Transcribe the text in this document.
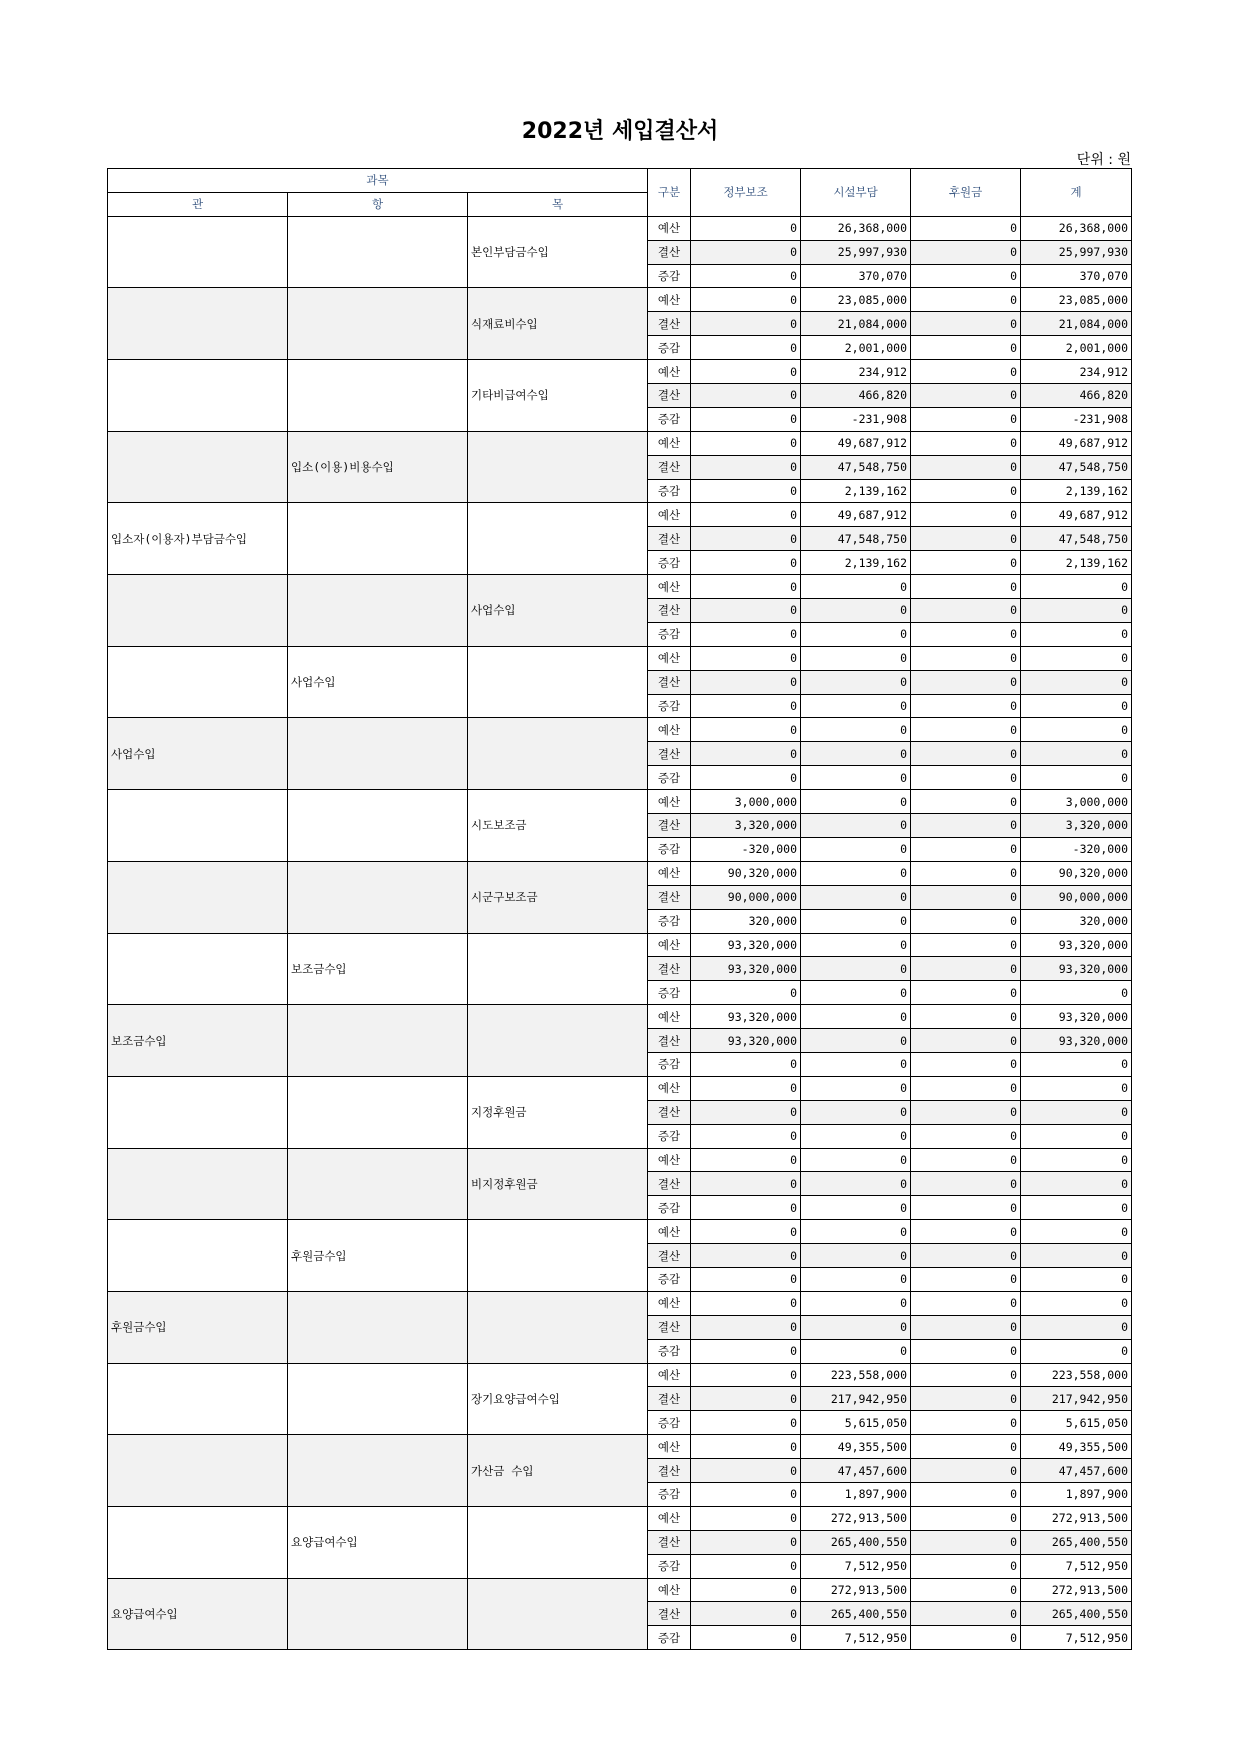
2022년 세입결산서
단위 : 원
과목			구분	정부보조	시설부담	후원금	계
관	항	목					
		본인부담금수입	예산	0	26,368,000	0	26,368,000
			결산	0	25,997,930	0	25,997,930
			증감	0	370,070	0	370,070
		식재료비수입	예산	0	23,085,000	0	23,085,000
			결산	0	21,084,000	0	21,084,000
			증감	0	2,001,000	0	2,001,000
		기타비급여수입	예산	0	234,912	0	234,912
			결산	0	466,820	0	466,820
			증감	0	-231,908	0	-231,908
	입소(이용)비용수입		예산	0	49,687,912	0	49,687,912
			결산	0	47,548,750	0	47,548,750
			증감	0	2,139,162	0	2,139,162
입소자(이용자)부담금수입			예산	0	49,687,912	0	49,687,912
			결산	0	47,548,750	0	47,548,750
			증감	0	2,139,162	0	2,139,162
		사업수입	예산	0	0	0	0
			결산	0	0	0	0
			증감	0	0	0	0
	사업수입		예산	0	0	0	0
			결산	0	0	0	0
			증감	0	0	0	0
사업수입			예산	0	0	0	0
			결산	0	0	0	0
			증감	0	0	0	0
		시도보조금	예산	3,000,000	0	0	3,000,000
			결산	3,320,000	0	0	3,320,000
			증감	-320,000	0	0	-320,000
		시군구보조금	예산	90,320,000	0	0	90,320,000
			결산	90,000,000	0	0	90,000,000
			증감	320,000	0	0	320,000
	보조금수입		예산	93,320,000	0	0	93,320,000
			결산	93,320,000	0	0	93,320,000
			증감	0	0	0	0
보조금수입			예산	93,320,000	0	0	93,320,000
			결산	93,320,000	0	0	93,320,000
			증감	0	0	0	0
		지정후원금	예산	0	0	0	0
			결산	0	0	0	0
			증감	0	0	0	0
		비지정후원금	예산	0	0	0	0
			결산	0	0	0	0
			증감	0	0	0	0
	후원금수입		예산	0	0	0	0
			결산	0	0	0	0
			증감	0	0	0	0
후원금수입			예산	0	0	0	0
			결산	0	0	0	0
			증감	0	0	0	0
		장기요양급여수입	예산	0	223,558,000	0	223,558,000
			결산	0	217,942,950	0	217,942,950
			증감	0	5,615,050	0	5,615,050
		가산금 수입	예산	0	49,355,500	0	49,355,500
			결산	0	47,457,600	0	47,457,600
			증감	0	1,897,900	0	1,897,900
	요양급여수입		예산	0	272,913,500	0	272,913,500
			결산	0	265,400,550	0	265,400,550
			증감	0	7,512,950	0	7,512,950
요양급여수입			예산	0	272,913,500	0	272,913,500
			결산	0	265,400,550	0	265,400,550
			증감	0	7,512,950	0	7,512,950
